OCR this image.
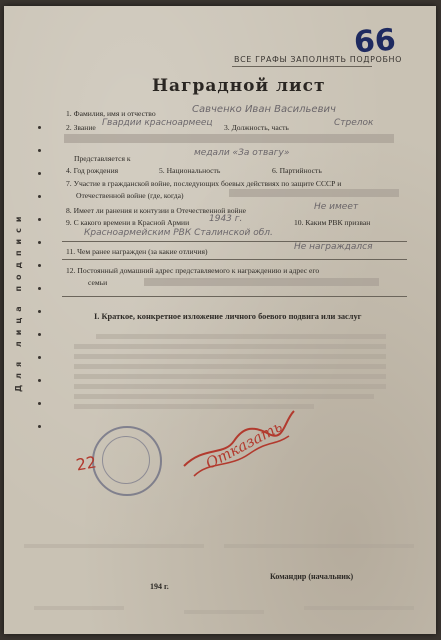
66
ВСЕ ГРАФЫ ЗАПОЛНЯТЬ ПОДРОБНО
Наградной лист
Для лица подписи
1. Фамилия, имя и отчество	Савченко Иван Васильевич
2. Звание Гвардии красноармеец 3. Должность, часть	Стрелок
Представляется к
медали «За отвагу»
4. Год рождения	5. Национальность	6. Партийность
7. Участие в гражданской войне, последующих боевых действиях по защите СССР и
Отечественной войне (где, когда)
8. Имеет ли ранения и контузии в Отечественной войне	Не имеет
9. С какого времени в Красной Армии 1943 г.	10. Каким РВК призван
Красноармейским РВК Сталинской обл.
11. Чем ранее награжден (за какие отличия)	Не награждался
12. Постоянный домашний адрес представляемого к награждению и адрес его
семьи
I. Краткое, конкретное изложение личного боевого подвига или заслуг
22	Отказать
194 г.
Командир (начальник)
